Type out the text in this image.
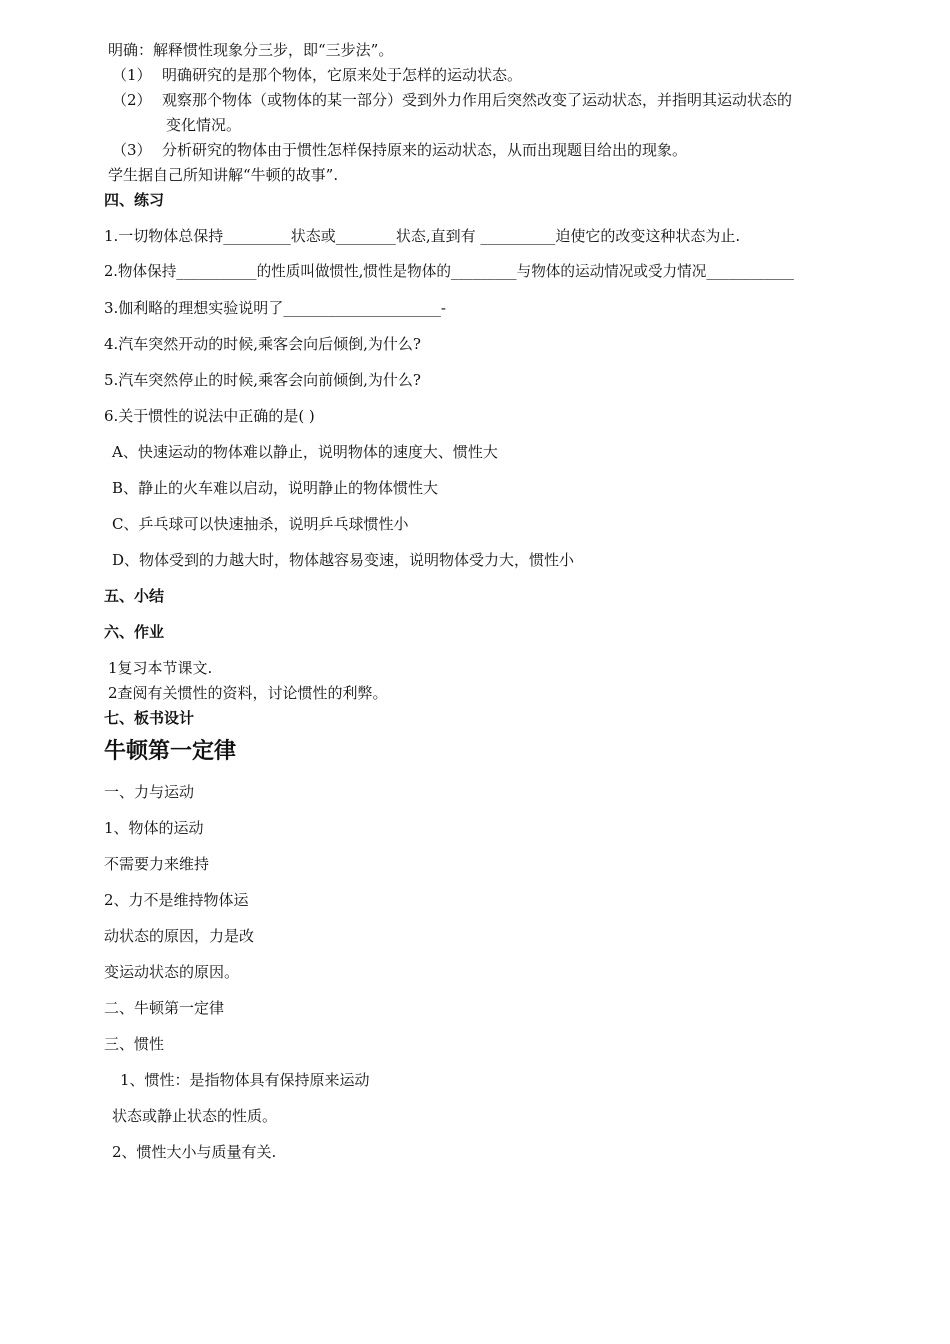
明确：解释惯性现象分三步，即“三步法”。
（1） 明确研究的是那个物体，它原来处于怎样的运动状态。
（2） 观察那个物体（或物体的某一部分）受到外力作用后突然改变了运动状态，并指明其运动状态的
变化情况。
（3） 分析研究的物体由于惯性怎样保持原来的运动状态，从而出现题目给出的现象。
学生据自己所知讲解“牛顿的故事”.
四、练习
1.一切物体总保持_________状态或________状态,直到有 __________迫使它的改变这种状态为止.
2.物体保持___________的性质叫做惯性,惯性是物体的_________与物体的运动情况或受力情况____________
3.伽利略的理想实验说明了_____________________-
4.汽车突然开动的时候,乘客会向后倾倒,为什么?
5.汽车突然停止的时候,乘客会向前倾倒,为什么?
6.关于惯性的说法中正确的是( )
A、快速运动的物体难以静止，说明物体的速度大、惯性大
B、静止的火车难以启动，说明静止的物体惯性大
C、乒乓球可以快速抽杀，说明乒乓球惯性小
D、物体受到的力越大时，物体越容易变速，说明物体受力大，惯性小
五、小结
六、作业
1复习本节课文.
2查阅有关惯性的资料，讨论惯性的利弊。
七、板书设计
牛顿第一定律
一、力与运动
1、物体的运动
不需要力来维持
2、力不是维持物体运
动状态的原因，力是改
变运动状态的原因。
二、牛顿第一定律
三、惯性
1、惯性：是指物体具有保持原来运动
状态或静止状态的性质。
2、惯性大小与质量有关.
